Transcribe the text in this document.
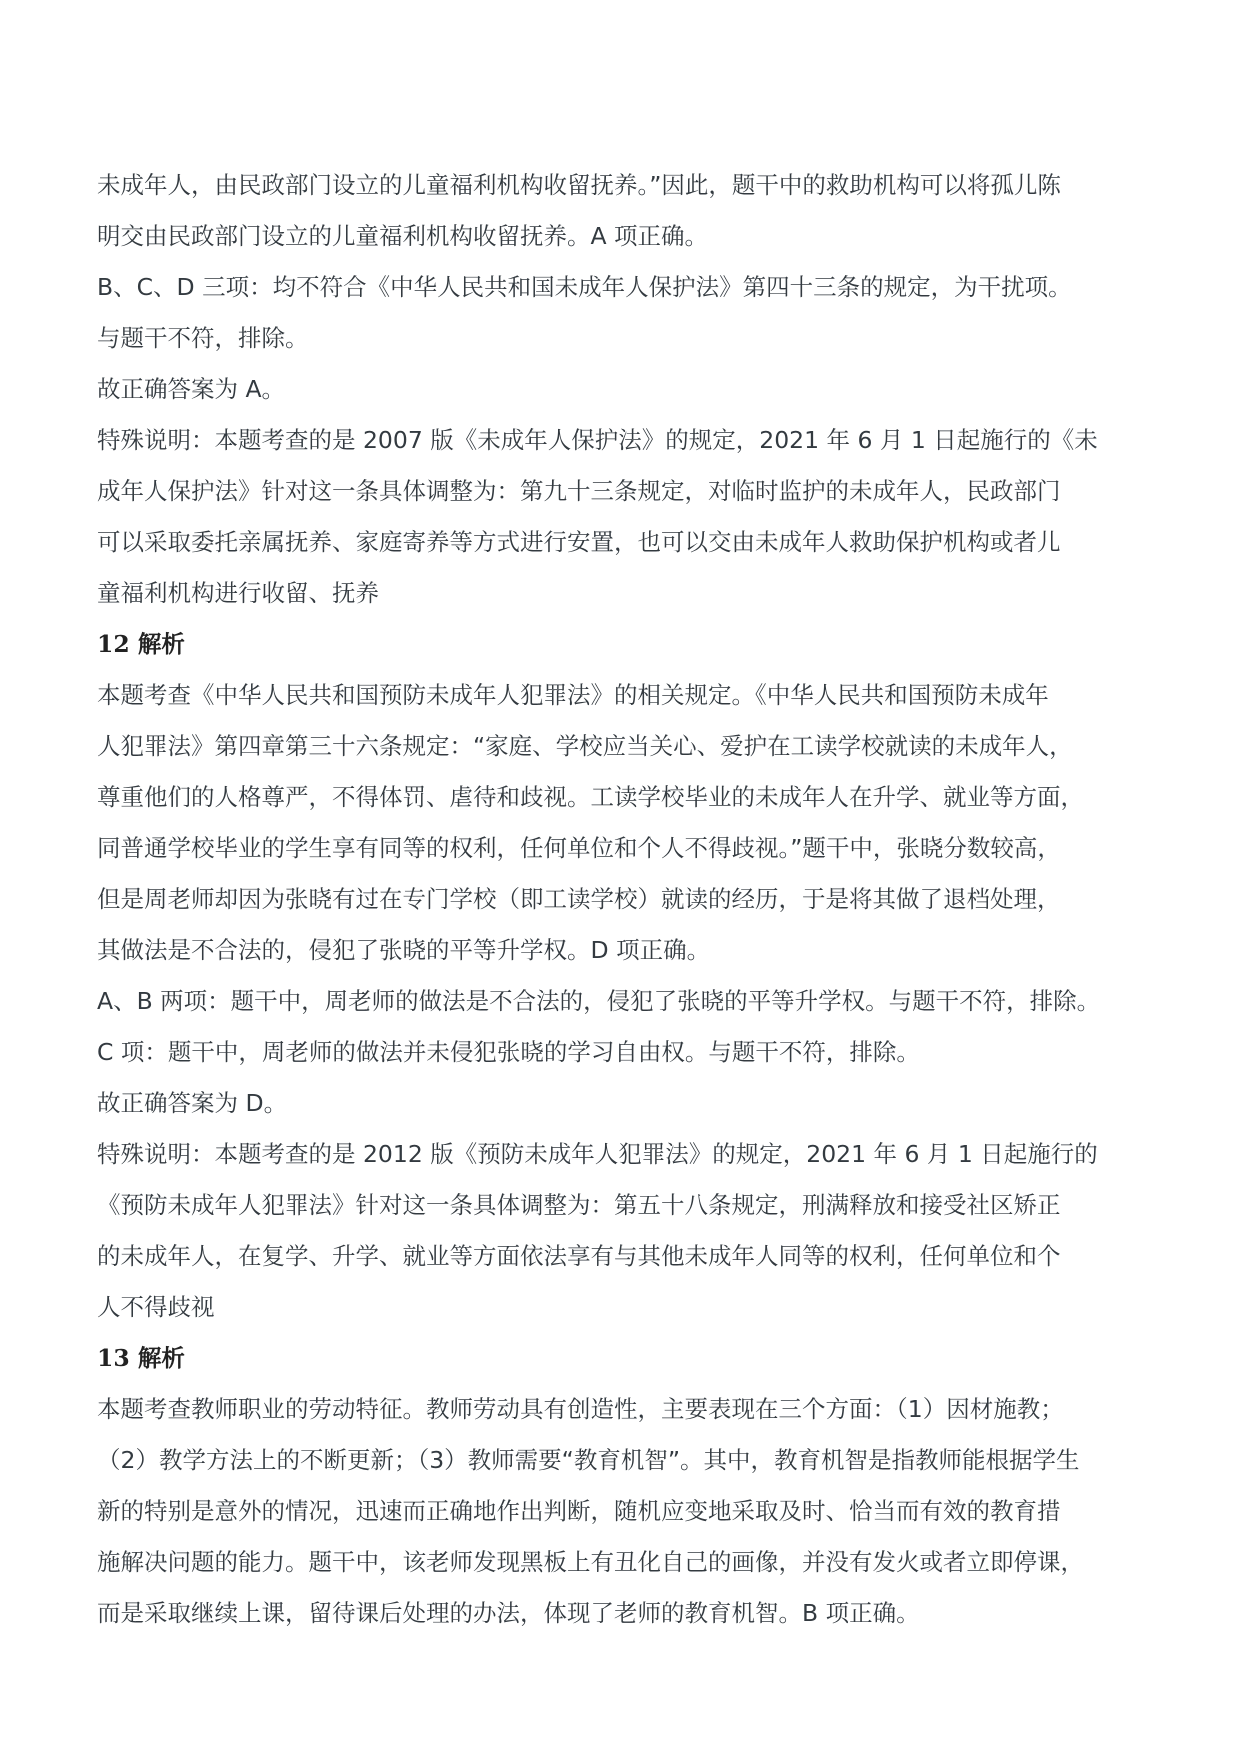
未成年人，由民政部门设立的儿童福利机构收留抚养。”因此，题干中的救助机构可以将孤儿陈
明交由民政部门设立的儿童福利机构收留抚养。A 项正确。
B、C、D 三项：均不符合《中华人民共和国未成年人保护法》第四十三条的规定，为干扰项。
与题干不符，排除。
故正确答案为 A。
特殊说明：本题考查的是 2007 版《未成年人保护法》的规定，2021 年 6 月 1 日起施行的《未
成年人保护法》针对这一条具体调整为：第九十三条规定，对临时监护的未成年人，民政部门
可以采取委托亲属抚养、家庭寄养等方式进行安置，也可以交由未成年人救助保护机构或者儿
童福利机构进行收留、抚养
12 解析
本题考查《中华人民共和国预防未成年人犯罪法》的相关规定。《中华人民共和国预防未成年
人犯罪法》第四章第三十六条规定：“家庭、学校应当关心、爱护在工读学校就读的未成年人，
尊重他们的人格尊严，不得体罚、虐待和歧视。工读学校毕业的未成年人在升学、就业等方面，
同普通学校毕业的学生享有同等的权利，任何单位和个人不得歧视。”题干中，张晓分数较高，
但是周老师却因为张晓有过在专门学校（即工读学校）就读的经历，于是将其做了退档处理，
其做法是不合法的，侵犯了张晓的平等升学权。D 项正确。
A、B 两项：题干中，周老师的做法是不合法的，侵犯了张晓的平等升学权。与题干不符，排除。
C 项：题干中，周老师的做法并未侵犯张晓的学习自由权。与题干不符，排除。
故正确答案为 D。
特殊说明：本题考查的是 2012 版《预防未成年人犯罪法》的规定，2021 年 6 月 1 日起施行的
《预防未成年人犯罪法》针对这一条具体调整为：第五十八条规定，刑满释放和接受社区矫正
的未成年人，在复学、升学、就业等方面依法享有与其他未成年人同等的权利，任何单位和个
人不得歧视
13 解析
本题考查教师职业的劳动特征。教师劳动具有创造性，主要表现在三个方面：（1）因材施教；
（2）教学方法上的不断更新；（3）教师需要“教育机智”。其中，教育机智是指教师能根据学生
新的特别是意外的情况，迅速而正确地作出判断，随机应变地采取及时、恰当而有效的教育措
施解决问题的能力。题干中，该老师发现黑板上有丑化自己的画像，并没有发火或者立即停课，
而是采取继续上课，留待课后处理的办法，体现了老师的教育机智。B 项正确。
